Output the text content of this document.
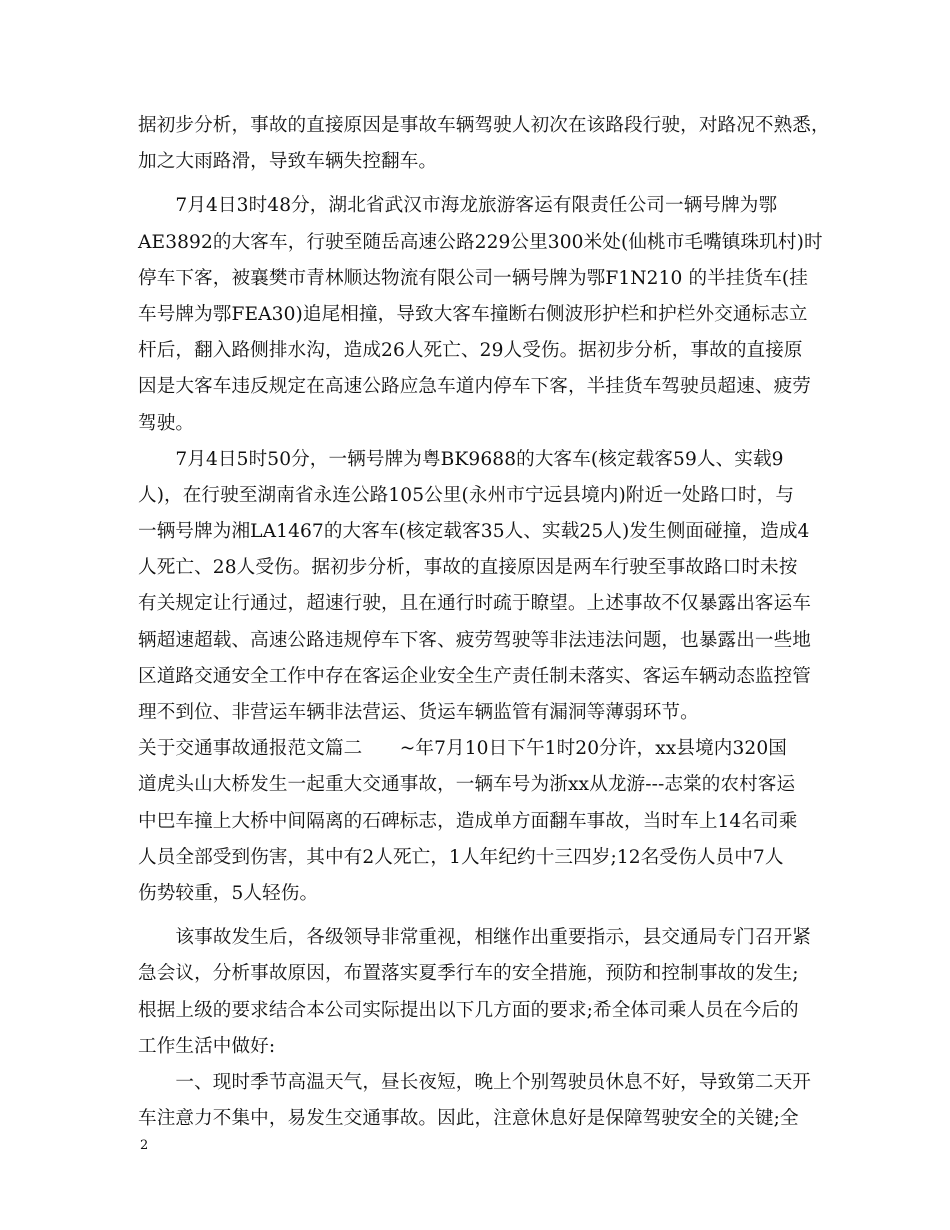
据初步分析，事故的直接原因是事故车辆驾驶人初次在该路段行驶，对路况不熟悉，
加之大雨路滑，导致车辆失控翻车。
　　7月4日3时48分，湖北省武汉市海龙旅游客运有限责任公司一辆号牌为鄂
AE3892的大客车，行驶至随岳高速公路229公里300米处(仙桃市毛嘴镇珠玑村)时
停车下客，被襄樊市青林顺达物流有限公司一辆号牌为鄂F1N210 的半挂货车(挂
车号牌为鄂FEA30)追尾相撞，导致大客车撞断右侧波形护栏和护栏外交通标志立
杆后，翻入路侧排水沟，造成26人死亡、29人受伤。据初步分析，事故的直接原
因是大客车违反规定在高速公路应急车道内停车下客，半挂货车驾驶员超速、疲劳
驾驶。
　　7月4日5时50分，一辆号牌为粤BK9688的大客车(核定载客59人、实载9
人)，在行驶至湖南省永连公路105公里(永州市宁远县境内)附近一处路口时，与
一辆号牌为湘LA1467的大客车(核定载客35人、实载25人)发生侧面碰撞，造成4
人死亡、28人受伤。据初步分析，事故的直接原因是两车行驶至事故路口时未按
有关规定让行通过，超速行驶，且在通行时疏于瞭望。上述事故不仅暴露出客运车
辆超速超载、高速公路违规停车下客、疲劳驾驶等非法违法问题，也暴露出一些地
区道路交通安全工作中存在客运企业安全生产责任制未落实、客运车辆动态监控管
理不到位、非营运车辆非法营运、货运车辆监管有漏洞等薄弱环节。
关于交通事故通报范文篇二　　~年7月10日下午1时20分许，xx县境内320国
道虎头山大桥发生一起重大交通事故，一辆车号为浙xx从龙游---志棠的农村客运
中巴车撞上大桥中间隔离的石碑标志，造成单方面翻车事故，当时车上14名司乘
人员全部受到伤害，其中有2人死亡，1人年纪约十三四岁;12名受伤人员中7人
伤势较重，5人轻伤。
　　该事故发生后，各级领导非常重视，相继作出重要指示，县交通局专门召开紧
急会议，分析事故原因，布置落实夏季行车的安全措施，预防和控制事故的发生;
根据上级的要求结合本公司实际提出以下几方面的要求;希全体司乘人员在今后的
工作生活中做好:
　　一、现时季节高温天气，昼长夜短，晚上个别驾驶员休息不好，导致第二天开
车注意力不集中，易发生交通事故。因此，注意休息好是保障驾驶安全的关键;全
2
